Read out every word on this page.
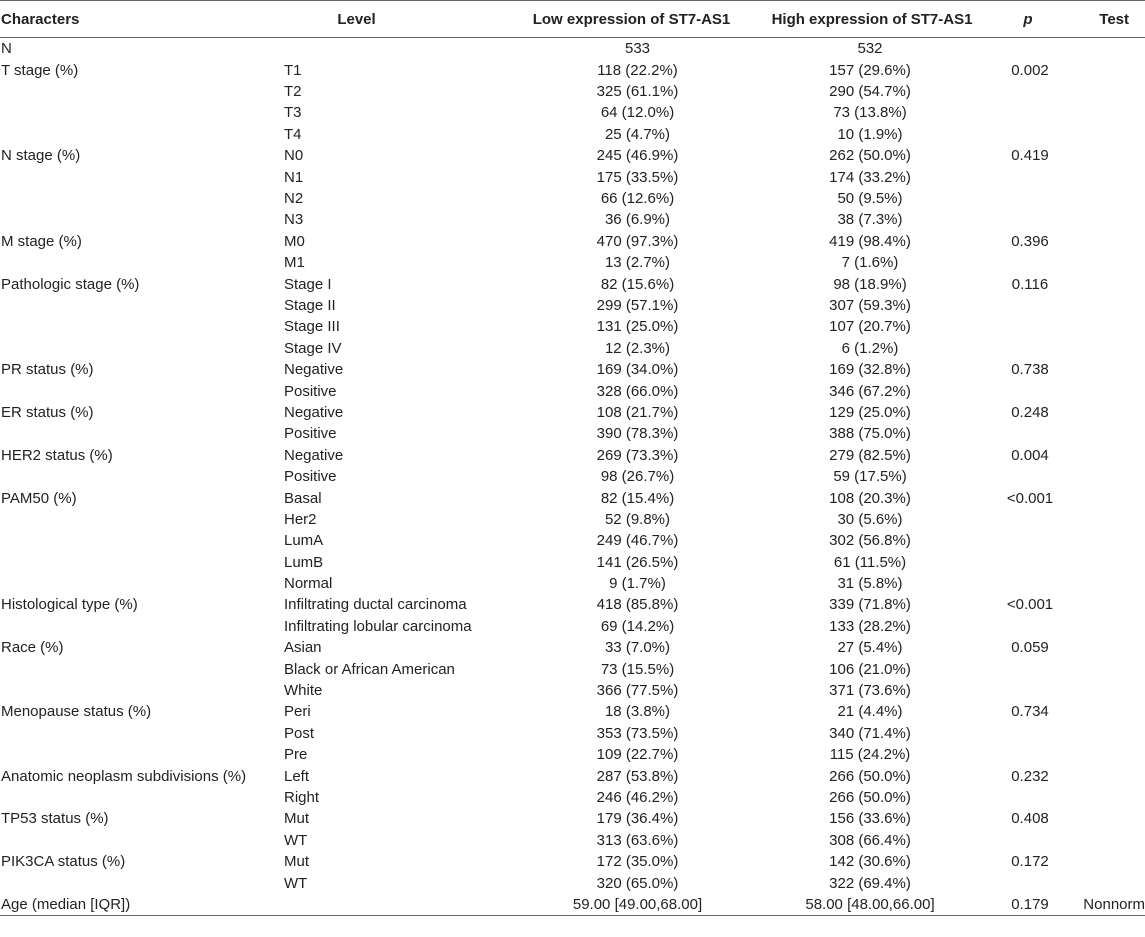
Characters	Level	Low expression of ST7-AS1	High expression of ST7-AS1	p	Test
N		533	532		
T stage (%)	T1	118 (22.2%)	157 (29.6%)	0.002	
	T2	325 (61.1%)	290 (54.7%)		
	T3	64 (12.0%)	73 (13.8%)		
	T4	25 (4.7%)	10 (1.9%)		
N stage (%)	N0	245 (46.9%)	262 (50.0%)	0.419	
	N1	175 (33.5%)	174 (33.2%)		
	N2	66 (12.6%)	50 (9.5%)		
	N3	36 (6.9%)	38 (7.3%)		
M stage (%)	M0	470 (97.3%)	419 (98.4%)	0.396	
	M1	13 (2.7%)	7 (1.6%)		
Pathologic stage (%)	Stage I	82 (15.6%)	98 (18.9%)	0.116	
	Stage II	299 (57.1%)	307 (59.3%)		
	Stage III	131 (25.0%)	107 (20.7%)		
	Stage IV	12 (2.3%)	6 (1.2%)		
PR status (%)	Negative	169 (34.0%)	169 (32.8%)	0.738	
	Positive	328 (66.0%)	346 (67.2%)		
ER status (%)	Negative	108 (21.7%)	129 (25.0%)	0.248	
	Positive	390 (78.3%)	388 (75.0%)		
HER2 status (%)	Negative	269 (73.3%)	279 (82.5%)	0.004	
	Positive	98 (26.7%)	59 (17.5%)		
PAM50 (%)	Basal	82 (15.4%)	108 (20.3%)	<0.001	
	Her2	52 (9.8%)	30 (5.6%)		
	LumA	249 (46.7%)	302 (56.8%)		
	LumB	141 (26.5%)	61 (11.5%)		
	Normal	9 (1.7%)	31 (5.8%)		
Histological type (%)	Infiltrating ductal carcinoma	418 (85.8%)	339 (71.8%)	<0.001	
	Infiltrating lobular carcinoma	69 (14.2%)	133 (28.2%)		
Race (%)	Asian	33 (7.0%)	27 (5.4%)	0.059	
	Black or African American	73 (15.5%)	106 (21.0%)		
	White	366 (77.5%)	371 (73.6%)		
Menopause status (%)	Peri	18 (3.8%)	21 (4.4%)	0.734	
	Post	353 (73.5%)	340 (71.4%)		
	Pre	109 (22.7%)	115 (24.2%)		
Anatomic neoplasm subdivisions (%)	Left	287 (53.8%)	266 (50.0%)	0.232	
	Right	246 (46.2%)	266 (50.0%)		
TP53 status (%)	Mut	179 (36.4%)	156 (33.6%)	0.408	
	WT	313 (63.6%)	308 (66.4%)		
PIK3CA status (%)	Mut	172 (35.0%)	142 (30.6%)	0.172	
	WT	320 (65.0%)	322 (69.4%)		
Age (median [IQR])		59.00 [49.00,68.00]	58.00 [48.00,66.00]	0.179	Nonnorm
